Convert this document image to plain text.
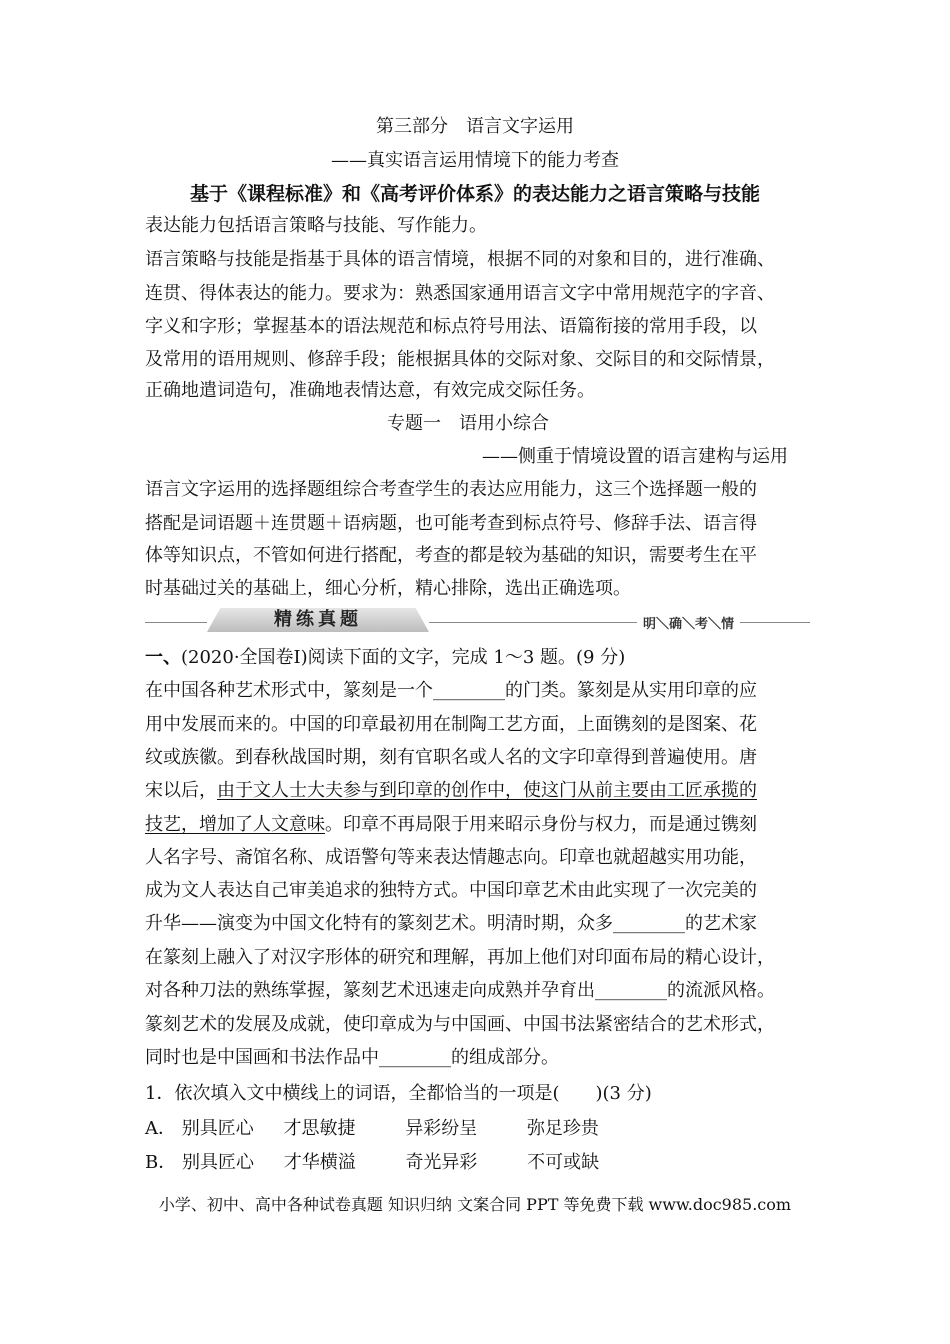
第三部分　语言文字运用
——真实语言运用情境下的能力考查
基于《课程标准》和《高考评价体系》的表达能力之语言策略与技能
表达能力包括语言策略与技能、写作能力。
语言策略与技能是指基于具体的语言情境，根据不同的对象和目的，进行准确、
连贯、得体表达的能力。要求为：熟悉国家通用语言文字中常用规范字的字音、
字义和字形；掌握基本的语法规范和标点符号用法、语篇衔接的常用手段，以
及常用的语用规则、修辞手段；能根据具体的交际对象、交际目的和交际情景，
正确地遣词造句，准确地表情达意，有效完成交际任务。
专题一　语用小综合
——侧重于情境设置的语言建构与运用
语言文字运用的选择题组综合考查学生的表达应用能力，这三个选择题一般的
搭配是词语题＋连贯题＋语病题，也可能考查到标点符号、修辞手法、语言得
体等知识点，不管如何进行搭配，考查的都是较为基础的知识，需要考生在平
时基础过关的基础上，细心分析，精心排除，选出正确选项。
精练真题	明＼确＼考＼情
一、(2020·全国卷Ⅰ)阅读下面的文字，完成 1～3 题。(9 分)
在中国各种艺术形式中，篆刻是一个________的门类。篆刻是从实用印章的应
用中发展而来的。中国的印章最初用在制陶工艺方面，上面镌刻的是图案、花
纹或族徽。到春秋战国时期，刻有官职名或人名的文字印章得到普遍使用。唐
宋以后，由于文人士大夫参与到印章的创作中，使这门从前主要由工匠承揽的
技艺，增加了人文意味。印章不再局限于用来昭示身份与权力，而是通过镌刻
人名字号、斋馆名称、成语警句等来表达情趣志向。印章也就超越实用功能，
成为文人表达自己审美追求的独特方式。中国印章艺术由此实现了一次完美的
升华——演变为中国文化特有的篆刻艺术。明清时期，众多________的艺术家
在篆刻上融入了对汉字形体的研究和理解，再加上他们对印面布局的精心设计，
对各种刀法的熟练掌握，篆刻艺术迅速走向成熟并孕育出________的流派风格。
篆刻艺术的发展及成就，使印章成为与中国画、中国书法紧密结合的艺术形式，
同时也是中国画和书法作品中________的组成部分。
1．依次填入文中横线上的词语，全都恰当的一项是(　　)(3 分)
A． 别具匠心 才思敏捷	异彩纷呈	弥足珍贵
B． 别具匠心 才华横溢	奇光异彩	不可或缺
小学、初中、高中各种试卷真题 知识归纳 文案合同 PPT 等免费下载 www.doc985.com
